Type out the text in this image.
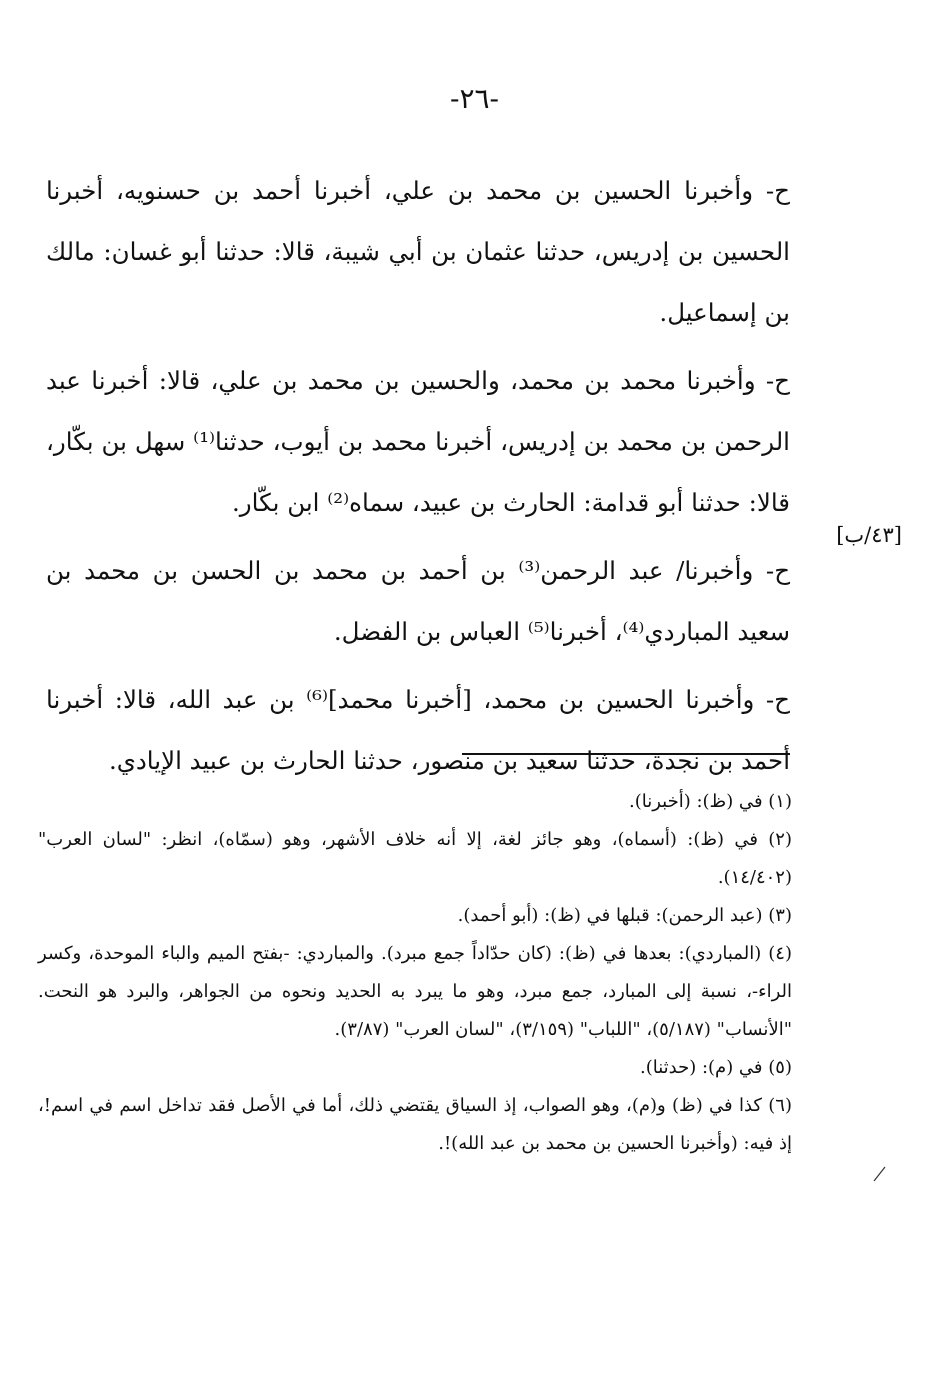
-٢٦-

ح- وأخبرنا الحسين بن محمد بن علي، أخبرنا أحمد بن حسنويه، أخبرنا الحسين بن إدريس، حدثنا عثمان بن أبي شيبة، قالا: حدثنا أبو غسان: مالك بن إسماعيل.

ح- وأخبرنا محمد بن محمد، والحسين بن محمد بن علي، قالا: أخبرنا عبد الرحمن بن محمد بن إدريس، أخبرنا محمد بن أيوب، حدثنا⁽¹⁾ سهل بن بكّار، قالا: حدثنا أبو قدامة: الحارث بن عبيد، سماه⁽²⁾ ابن بكّار.

ح- وأخبرنا/ عبد الرحمن⁽³⁾ بن أحمد بن محمد بن الحسن بن محمد بن سعيد المباردي⁽⁴⁾، أخبرنا⁽⁵⁾ العباس بن الفضل.

ح- وأخبرنا الحسين بن محمد، [أخبرنا محمد]⁽⁶⁾ بن عبد الله، قالا: أخبرنا أحمد بن نجدة، حدثنا سعيد بن منصور، حدثنا الحارث بن عبيد الإيادي.

[٤٣/ب]

(١) في (ظ): (أخبرنا).

(٢) في (ظ): (أسماه)، وهو جائز لغة، إلا أنه خلاف الأشهر، وهو (سمّاه)، انظر: "لسان العرب" (١٤/٤٠٢).

(٣) (عبد الرحمن): قبلها في (ظ): (أبو أحمد).

(٤) (المباردي): بعدها في (ظ): (كان حدّاداً جمع مبرد). والمباردي: -بفتح الميم والباء الموحدة، وكسر الراء-، نسبة إلى المبارد، جمع مبرد، وهو ما يبرد به الحديد ونحوه من الجواهر، والبرد هو النحت. "الأنساب" (٥/١٨٧)، "اللباب" (٣/١٥٩)، "لسان العرب" (٣/٨٧).

(٥) في (م): (حدثنا).

(٦) كذا في (ظ) و(م)، وهو الصواب، إذ السياق يقتضي ذلك، أما في الأصل فقد تداخل اسم في اسم!، إذ فيه: (وأخبرنا الحسين بن محمد بن عبد الله)!.
